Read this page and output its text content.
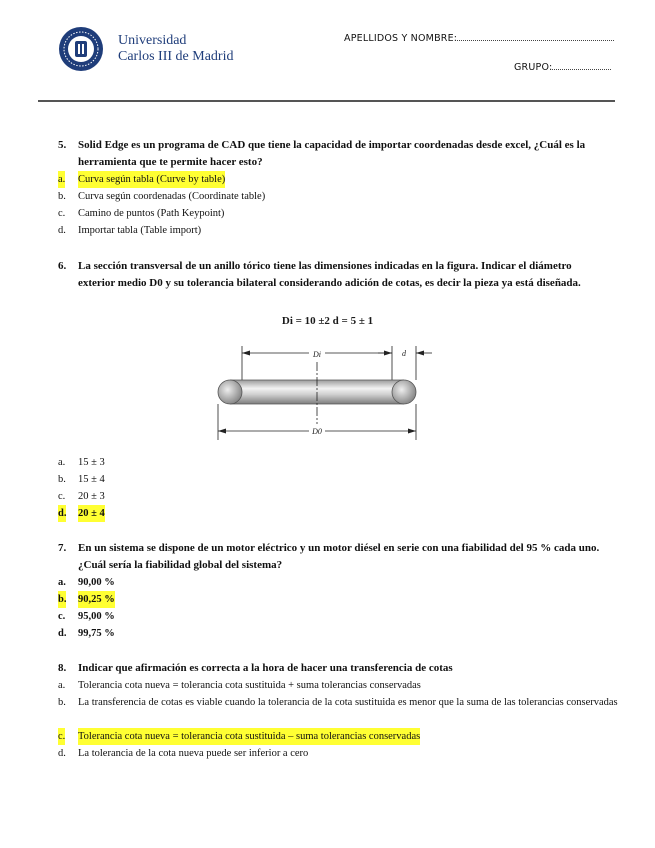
Universidad
Carlos III de Madrid
APELLIDOS Y NOMBRE:
GRUPO:
5. Solid Edge es un programa de CAD que tiene la capacidad de importar coordenadas desde excel, ¿Cuál es la herramienta que te permite hacer esto?
a. Curva según tabla (Curve by table)
b. Curva según coordenadas (Coordinate table)
c. Camino de puntos (Path Keypoint)
d. Importar tabla (Table import)
6. La sección transversal de un anillo tórico tiene las dimensiones indicadas en la figura. Indicar el diámetro exterior medio D0 y su tolerancia bilateral considerando adición de cotas, es decir la pieza ya está diseñada.
Di = 10 ±2 d = 5 ± 1
Di	d
D0
a. 15 ± 3
b. 15 ± 4
c. 20 ± 3
d. 20 ± 4
7. En un sistema se dispone de un motor eléctrico y un motor diésel en serie con una fiabilidad del 95 % cada uno. ¿Cuál sería la fiabilidad global del sistema?
a. 90,00 %
b. 90,25 %
c. 95,00 %
d. 99,75 %
8. Indicar que afirmación es correcta a la hora de hacer una transferencia de cotas
a. Tolerancia cota nueva = tolerancia cota sustituida + suma tolerancias conservadas
b. La transferencia de cotas es viable cuando la tolerancia de la cota sustituida es menor que la suma de las tolerancias conservadas
c. Tolerancia cota nueva = tolerancia cota sustituida – suma tolerancias conservadas
d. La tolerancia de la cota nueva puede ser inferior a cero
